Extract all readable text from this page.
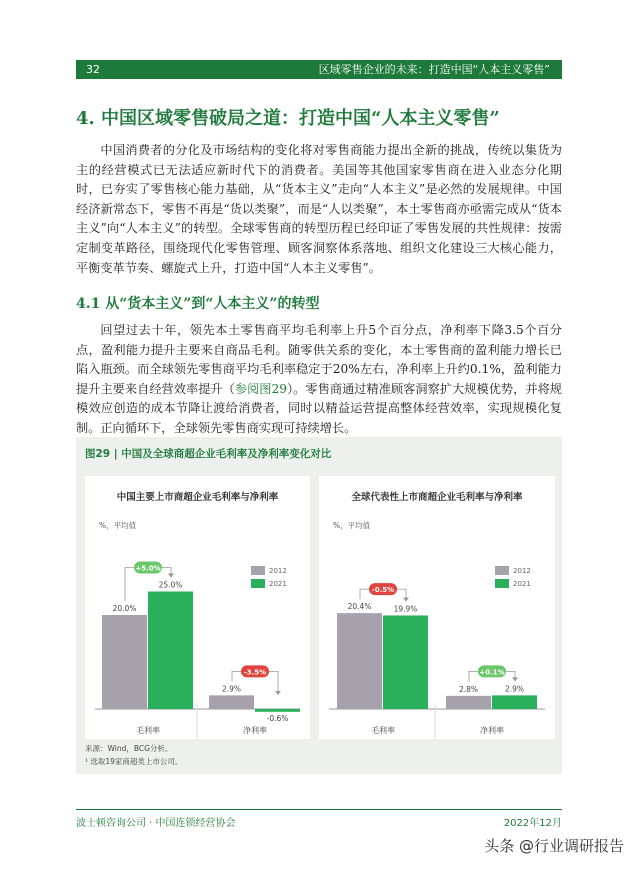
32	区域零售企业的未来：打造中国“人本主义零售”
4. 中国区域零售破局之道：打造中国“人本主义零售”
中国消费者的分化及市场结构的变化将对零售商能力提出全新的挑战，传统以集货为主的经营模式已无法适应新时代下的消费者。美国等其他国家零售商在进入业态分化期时，已夯实了零售核心能力基础，从“货本主义”走向“人本主义”是必然的发展规律。中国经济新常态下，零售不再是“货以类聚”，而是“人以类聚”，本土零售商亦亟需完成从“货本主义”向“人本主义”的转型。全球零售商的转型历程已经印证了零售发展的共性规律：按需定制变革路径，围绕现代化零售管理、顾客洞察体系落地、组织文化建设三大核心能力，平衡变革节奏、螺旋式上升，打造中国“人本主义零售”。
4.1 从“货本主义”到“人本主义”的转型
回望过去十年，领先本土零售商平均毛利率上升5个百分点，净利率下降3.5个百分点，盈利能力提升主要来自商品毛利。随零供关系的变化，本土零售商的盈利能力增长已陷入瓶颈。而全球领先零售商平均毛利率稳定于20%左右，净利率上升约0.1%，盈利能力提升主要来自经营效率提升（参阅图29）。零售商通过精准顾客洞察扩大规模优势，并将规模效应创造的成本节降让渡给消费者，同时以精益运营提高整体经营效率，实现规模化复制。正向循环下，全球领先零售商实现可持续增长。
图29 | 中国及全球商超企业毛利率及净利率变化对比
中国主要上市商超企业毛利率与净利率
%，平均值
2012
2021
20.0%
25.0%
毛利率
+5.0%
2.9%
-0.6%
净利率
-3.5%
全球代表性上市商超企业毛利率与净利率
%，平均值
2012
2021
20.4%	19.9%
毛利率
-0.5%
2.8%	2.9%
净利率
+0.1%
来源：Wind，BCG分析。
¹ 选取19家商超类上市公司。
波士顿咨询公司 · 中国连锁经营协会	2022年12月
头条 @行业调研报告
